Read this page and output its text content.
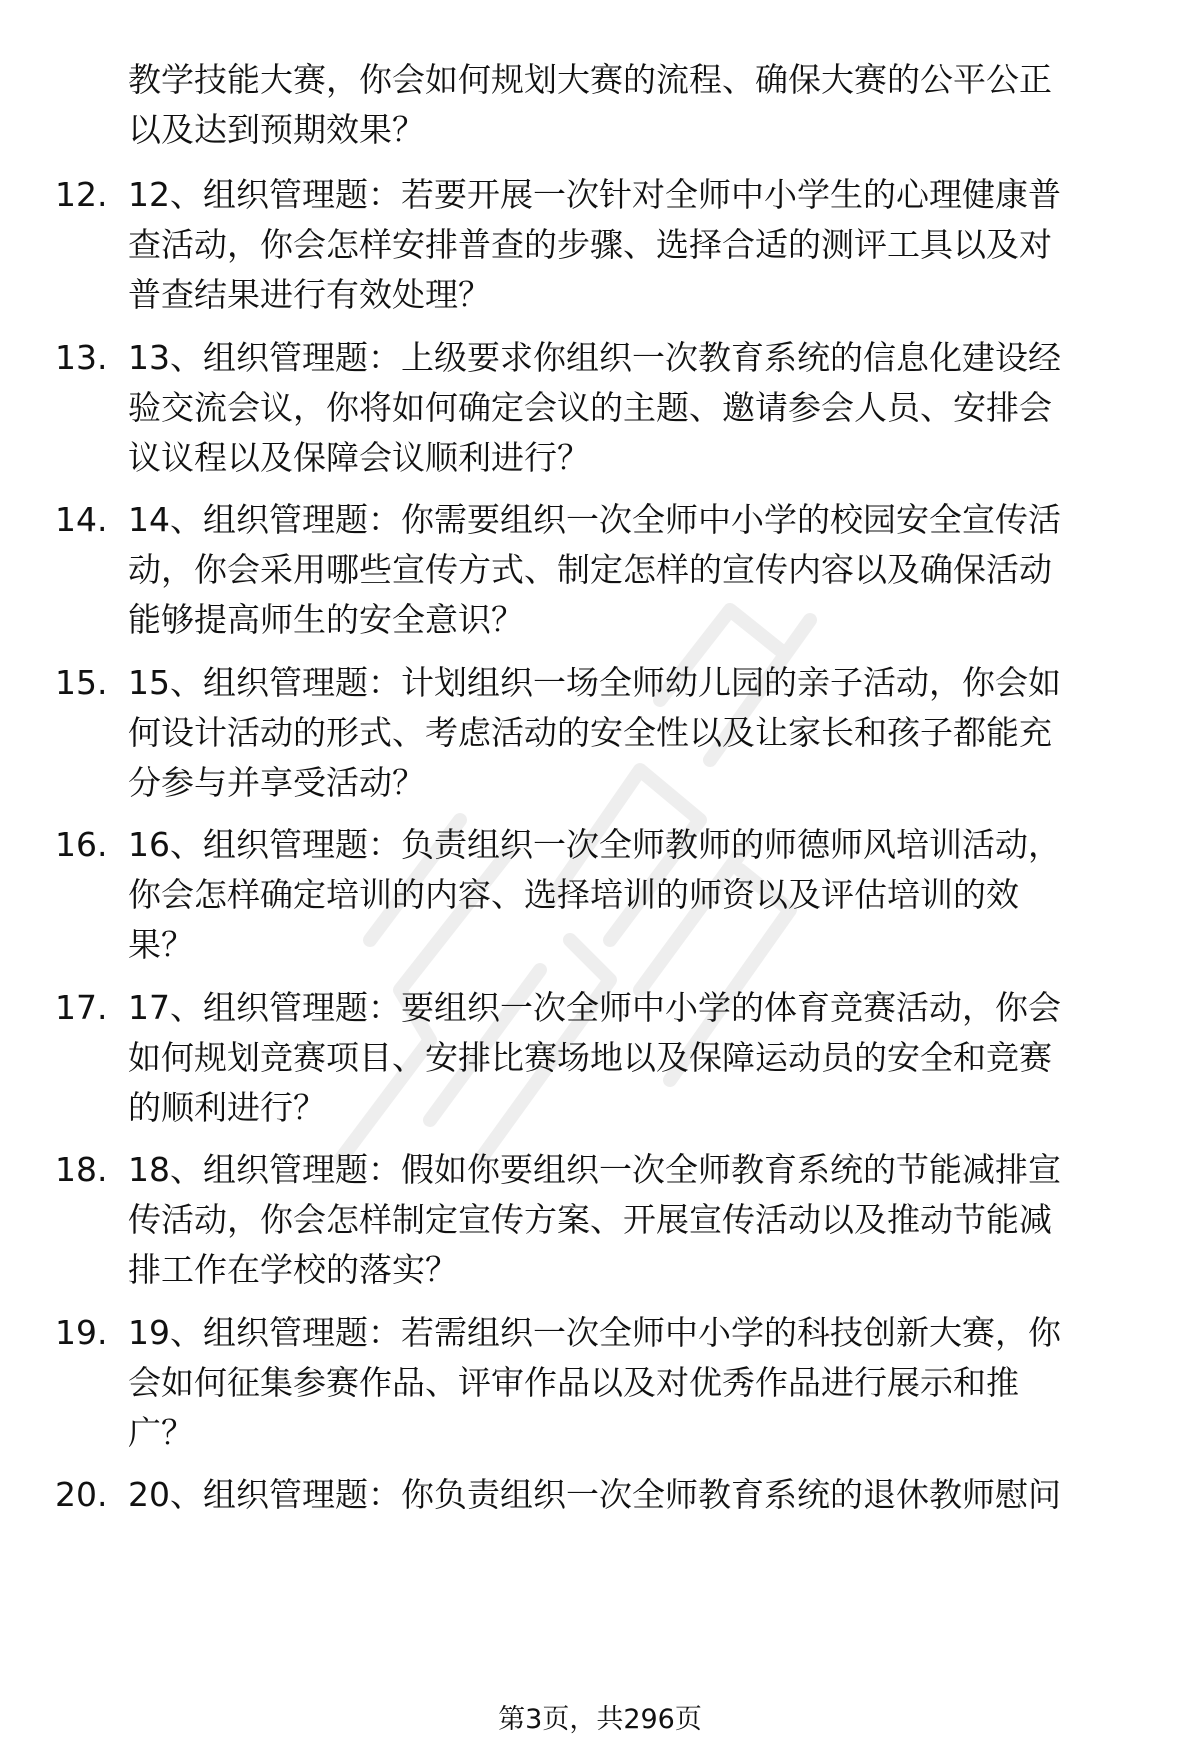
教学技能大赛，你会如何规划大赛的流程、确保大赛的公平公正
以及达到预期效果？
12. 12、组织管理题：若要开展一次针对全师中小学生的心理健康普
查活动，你会怎样安排普查的步骤、选择合适的测评工具以及对
普查结果进行有效处理？
13. 13、组织管理题：上级要求你组织一次教育系统的信息化建设经
验交流会议，你将如何确定会议的主题、邀请参会人员、安排会
议议程以及保障会议顺利进行？
14. 14、组织管理题：你需要组织一次全师中小学的校园安全宣传活
动，你会采用哪些宣传方式、制定怎样的宣传内容以及确保活动
能够提高师生的安全意识？
15. 15、组织管理题：计划组织一场全师幼儿园的亲子活动，你会如
何设计活动的形式、考虑活动的安全性以及让家长和孩子都能充
分参与并享受活动？
16. 16、组织管理题：负责组织一次全师教师的师德师风培训活动，
你会怎样确定培训的内容、选择培训的师资以及评估培训的效
果？
17. 17、组织管理题：要组织一次全师中小学的体育竞赛活动，你会
如何规划竞赛项目、安排比赛场地以及保障运动员的安全和竞赛
的顺利进行？
18. 18、组织管理题：假如你要组织一次全师教育系统的节能减排宣
传活动，你会怎样制定宣传方案、开展宣传活动以及推动节能减
排工作在学校的落实？
19. 19、组织管理题：若需组织一次全师中小学的科技创新大赛，你
会如何征集参赛作品、评审作品以及对优秀作品进行展示和推
广？
20. 20、组织管理题：你负责组织一次全师教育系统的退休教师慰问
第3页，共296页
